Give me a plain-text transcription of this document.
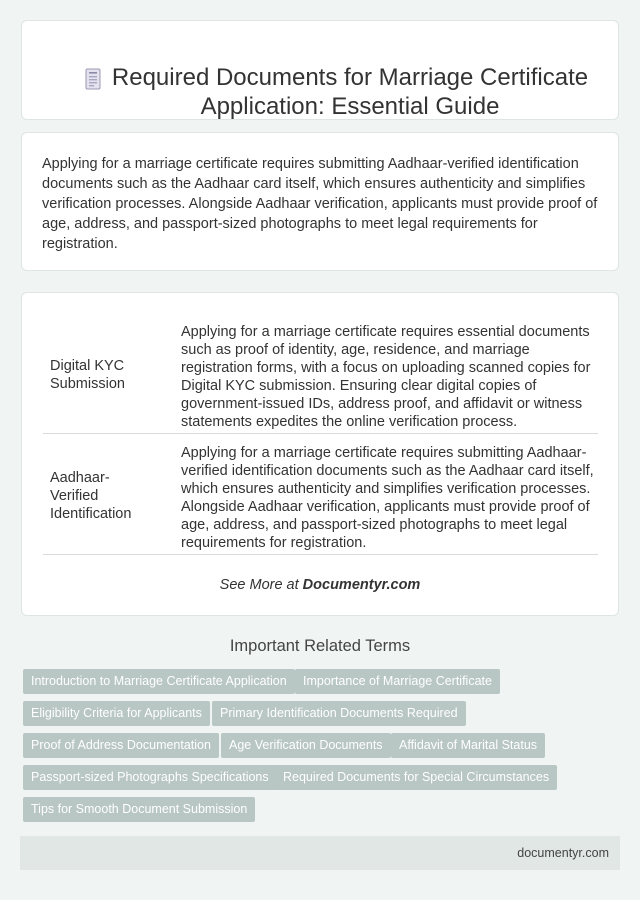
Required Documents for Marriage Certificate Application: Essential Guide

Applying for a marriage certificate requires submitting Aadhaar-verified identification documents such as the Aadhaar card itself, which ensures authenticity and simplifies verification processes. Alongside Aadhaar verification, applicants must provide proof of age, address, and passport-sized photographs to meet legal requirements for registration.

Digital KYC Submission
Applying for a marriage certificate requires essential documents such as proof of identity, age, residence, and marriage registration forms, with a focus on uploading scanned copies for Digital KYC submission. Ensuring clear digital copies of government-issued IDs, address proof, and affidavit or witness statements expedites the online verification process.
Aadhaar-Verified Identification
Applying for a marriage certificate requires submitting Aadhaar-verified identification documents such as the Aadhaar card itself, which ensures authenticity and simplifies verification processes. Alongside Aadhaar verification, applicants must provide proof of age, address, and passport-sized photographs to meet legal requirements for registration.
See More at Documentyr.com
Important Related Terms
Introduction to Marriage Certificate Application	Importance of Marriage Certificate
Eligibility Criteria for Applicants	Primary Identification Documents Required
Proof of Address Documentation	Age Verification Documents	Affidavit of Marital Status
Passport-sized Photographs Specifications	Required Documents for Special Circumstances
Tips for Smooth Document Submission
documentyr.com
